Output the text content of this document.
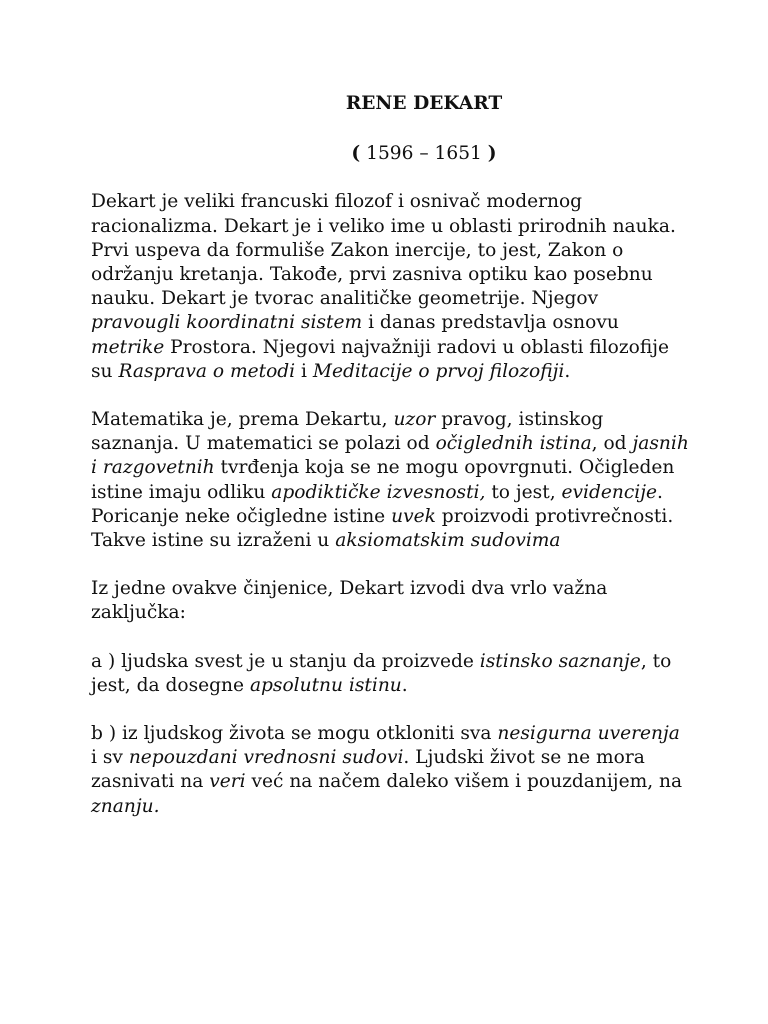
RENE DEKART
( 1596 – 1651 )

Dekart je veliki francuski filozof i osnivač modernog racionalizma. Dekart je i veliko ime u oblasti prirodnih nauka. Prvi uspeva da formuliše Zakon inercije, to jest, Zakon o održanju kretanja. Takođe, prvi zasniva optiku kao posebnu nauku. Dekart je tvorac analitičke geometrije. Njegov pravougli koordinatni sistem i danas predstavlja osnovu metrike Prostora. Njegovi najvažniji radovi u oblasti filozofije su Rasprava o metodi i Meditacije o prvoj filozofiji.

Matematika je, prema Dekartu, uzor pravog, istinskog saznanja. U matematici se polazi od očiglednih istina, od jasnih i razgovetnih tvrđenja koja se ne mogu opovrgnuti. Očigleden istine imaju odliku apodiktičke izvesnosti, to jest, evidencije. Poricanje neke očigledne istine uvek proizvodi protivrečnosti. Takve istine su izraženi u aksiomatskim sudovima

Iz jedne ovakve činjenice, Dekart izvodi dva vrlo važna zaključka:

a ) ljudska svest je u stanju da proizvede istinsko saznanje, to jest, da dosegne apsolutnu istinu.

b ) iz ljudskog života se mogu otkloniti sva nesigurna uverenja i sv nepouzdani vrednosni sudovi. Ljudski život se ne mora zasnivati na veri već na načem daleko višem i pouzdanijem, na znanju.
